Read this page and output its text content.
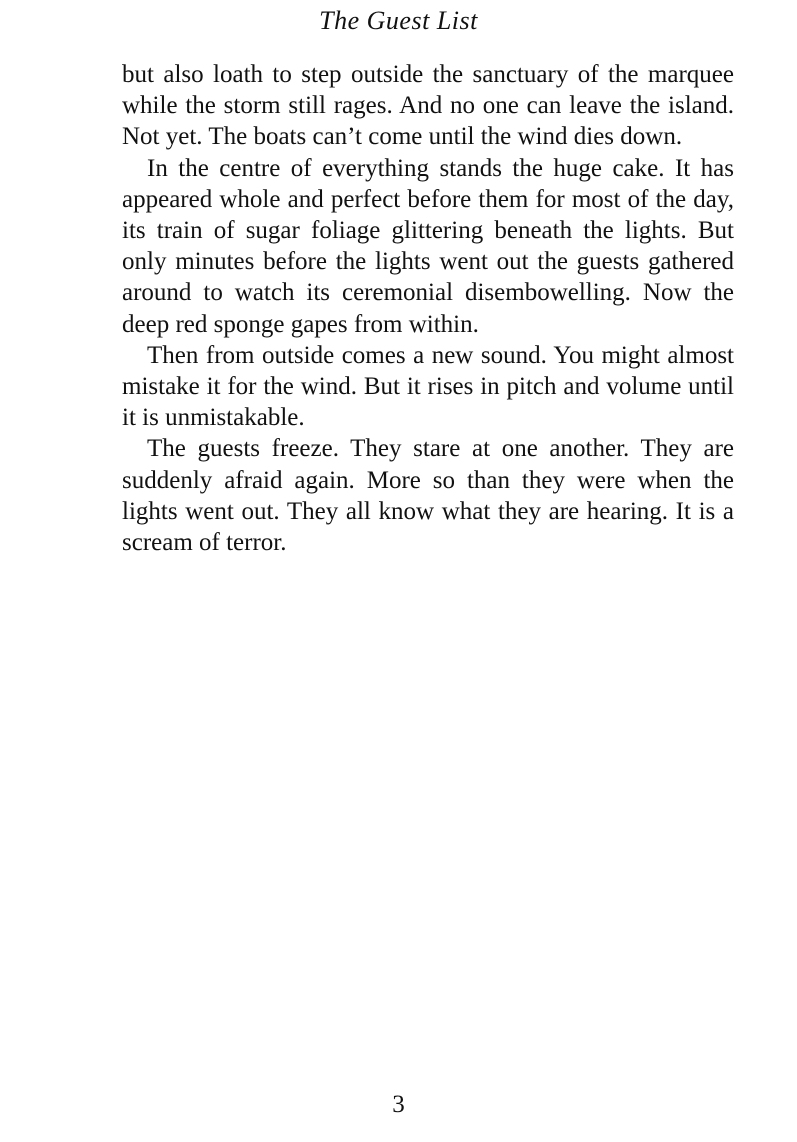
The Guest List

but also loath to step outside the sanctuary of the marquee while the storm still rages. And no one can leave the island. Not yet. The boats can’t come until the wind dies down.

In the centre of everything stands the huge cake. It has appeared whole and perfect before them for most of the day, its train of sugar foliage glittering beneath the lights. But only minutes before the lights went out the guests gathered around to watch its ceremonial disembowelling. Now the deep red sponge gapes from within.

Then from outside comes a new sound. You might almost mistake it for the wind. But it rises in pitch and volume until it is unmistakable.

The guests freeze. They stare at one another. They are suddenly afraid again. More so than they were when the lights went out. They all know what they are hearing. It is a scream of terror.

3
